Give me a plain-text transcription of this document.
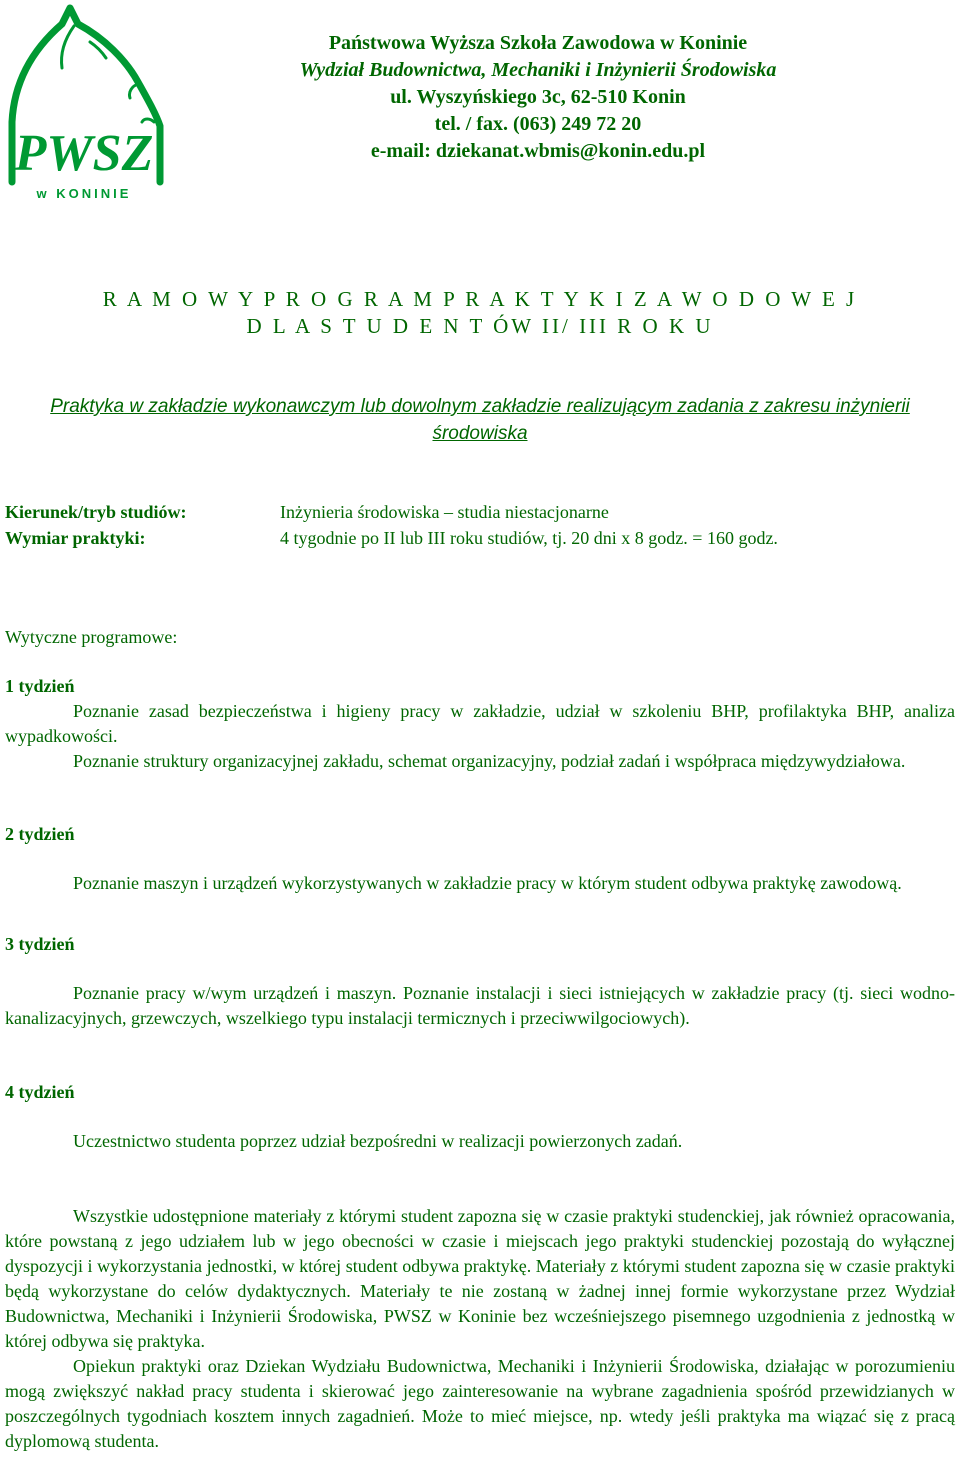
PWSZ
w KONINIE
Państwowa Wyższa Szkoła Zawodowa w Koninie
Wydział Budownictwa, Mechaniki i Inżynierii Środowiska
ul. Wyszyńskiego 3c, 62-510 Konin
tel. / fax. (063) 249 72 20
e-mail: dziekanat.wbmis@konin.edu.pl
R A M O W Y P R O G R A M P R A K T Y K I Z A W O D O W E J
D L A S T U D E N T ÓW II/ III R O K U
Praktyka w zakładzie wykonawczym lub dowolnym zakładzie realizującym zadania z zakresu inżynierii środowiska
Kierunek/tryb studiów:	Inżynieria środowiska – studia niestacjonarne
Wymiar praktyki:	4 tygodnie po II lub III roku studiów, tj. 20 dni x 8 godz. = 160 godz.
Wytyczne programowe:
1 tydzień

Poznanie zasad bezpieczeństwa i higieny pracy w zakładzie, udział w szkoleniu BHP, profilaktyka BHP, analiza wypadkowości.

Poznanie struktury organizacyjnej zakładu, schemat organizacyjny, podział zadań i współpraca międzywydziałowa.

2 tydzień

Poznanie maszyn i urządzeń wykorzystywanych w zakładzie pracy w którym student odbywa praktykę zawodową.

3 tydzień

Poznanie pracy w/wym urządzeń i maszyn. Poznanie instalacji i sieci istniejących w zakładzie pracy (tj. sieci wodno-kanalizacyjnych, grzewczych, wszelkiego typu instalacji termicznych i przeciwwilgociowych).

4 tydzień

Uczestnictwo studenta poprzez udział bezpośredni w realizacji powierzonych zadań.

Wszystkie udostępnione materiały z którymi student zapozna się w czasie praktyki studenckiej, jak również opracowania, które powstaną z jego udziałem lub w jego obecności w czasie i miejscach jego praktyki studenckiej pozostają do wyłącznej dyspozycji i wykorzystania jednostki, w której student odbywa praktykę. Materiały z którymi student zapozna się w czasie praktyki będą wykorzystane do celów dydaktycznych. Materiały te nie zostaną w żadnej innej formie wykorzystane przez Wydział Budownictwa, Mechaniki i Inżynierii Środowiska, PWSZ w Koninie bez wcześniejszego pisemnego uzgodnienia z jednostką w której odbywa się praktyka.

Opiekun praktyki oraz Dziekan Wydziału Budownictwa, Mechaniki i Inżynierii Środowiska, działając w porozumieniu mogą zwiększyć nakład pracy studenta i skierować jego zainteresowanie na wybrane zagadnienia spośród przewidzianych w poszczególnych tygodniach kosztem innych zagadnień. Może to mieć miejsce, np. wtedy jeśli praktyka ma wiązać się z pracą dyplomową studenta.
